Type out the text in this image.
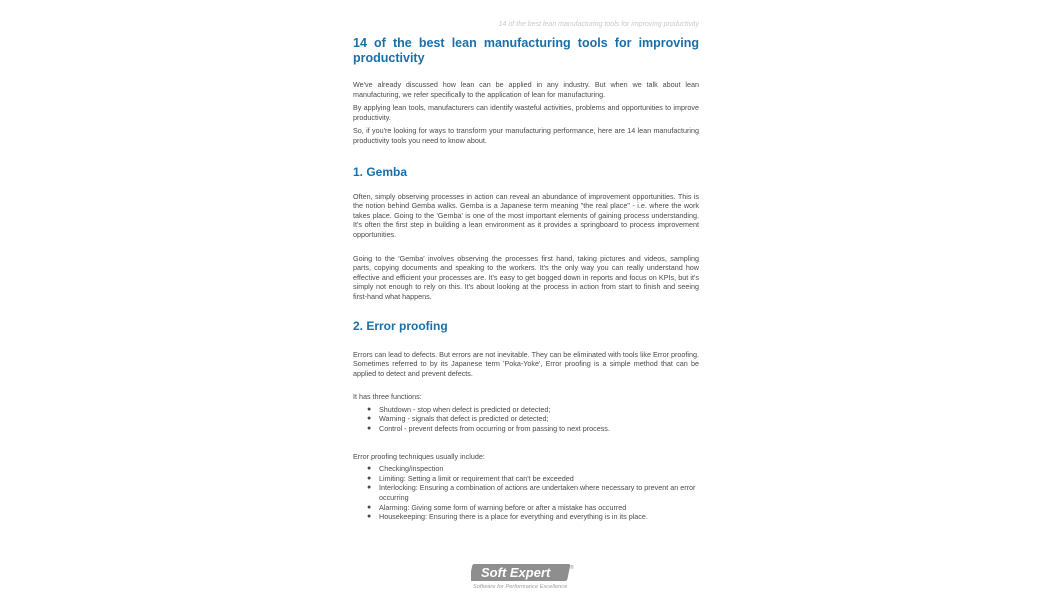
14 of the best lean manufacturing tools for improving productivity
14 of the best lean manufacturing tools for improving productivity

We've already discussed how lean can be applied in any industry. But when we talk about lean manufacturing, we refer specifically to the application of lean for manufacturing.

By applying lean tools, manufacturers can identify wasteful activities, problems and opportunities to improve productivity.

So, if you're looking for ways to transform your manufacturing performance, here are 14 lean manufacturing productivity tools you need to know about.

1. Gemba

Often, simply observing processes in action can reveal an abundance of improvement opportunities. This is the notion behind Gemba walks. Gemba is a Japanese term meaning "the real place" - i.e. where the work takes place. Going to the 'Gemba' is one of the most important elements of gaining process understanding. It's often the first step in building a lean environment as it provides a springboard to process improvement opportunities.

Going to the 'Gemba' involves observing the processes first hand, taking pictures and videos, sampling parts, copying documents and speaking to the workers. It's the only way you can really understand how effective and efficient your processes are. It's easy to get bogged down in reports and focus on KPIs, but it's simply not enough to rely on this. It's about looking at the process in action from start to finish and seeing first-hand what happens.

2. Error proofing

Errors can lead to defects. But errors are not inevitable. They can be eliminated with tools like Error proofing. Sometimes referred to by its Japanese term 'Poka-Yoke', Error proofing is a simple method that can be applied to detect and prevent defects.

It has three functions:

● Shutdown - stop when defect is predicted or detected;
● Warning - signals that defect is predicted or detected;
● Control - prevent defects from occurring or from passing to next process.

Error proofing techniques usually include:

● Checking/inspection
● Limiting: Setting a limit or requirement that can't be exceeded
● Interlocking: Ensuring a combination of actions are undertaken where necessary to prevent an error occurring
● Alarming: Giving some form of warning before or after a mistake has occurred
● Housekeeping: Ensuring there is a place for everything and everything is in its place.
Soft Expert	®
Software for Performance Excellence
